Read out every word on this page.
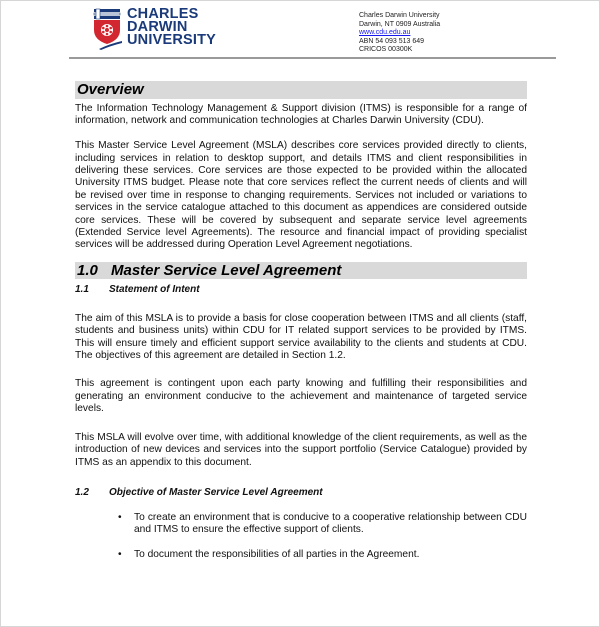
CHARLES
DARWIN
UNIVERSITY
Charles Darwin University
Darwin, NT 0909 Australia
www.cdu.edu.au
ABN 54 093 513 649
CRICOS 00300K
Overview

The Information Technology Management & Support division (ITMS) is responsible for a range of information, network and communication technologies at Charles Darwin University (CDU).

This Master Service Level Agreement (MSLA) describes core services provided directly to clients, including services in relation to desktop support, and details ITMS and client responsibilities in delivering these services. Core services are those expected to be provided within the allocated University ITMS budget. Please note that core services reflect the current needs of clients and will be revised over time in response to changing requirements. Services not included or variations to services in the service catalogue attached to this document as appendices are considered outside core services. These will be covered by subsequent and separate service level agreements (Extended Service level Agreements). The resource and financial impact of providing specialist services will be addressed during Operation Level Agreement negotiations.

1.0 Master Service Level Agreement
1.1 Statement of Intent

The aim of this MSLA is to provide a basis for close cooperation between ITMS and all clients (staff, students and business units) within CDU for IT related support services to be provided by ITMS. This will ensure timely and efficient support service availability to the clients and students at CDU. The objectives of this agreement are detailed in Section 1.2.

This agreement is contingent upon each party knowing and fulfilling their responsibilities and generating an environment conducive to the achievement and maintenance of targeted service levels.

This MSLA will evolve over time, with additional knowledge of the client requirements, as well as the introduction of new devices and services into the support portfolio (Service Catalogue) provided by ITMS as an appendix to this document.

1.2 Objective of Master Service Level Agreement
• To create an environment that is conducive to a cooperative relationship between CDU and ITMS to ensure the effective support of clients.
• To document the responsibilities of all parties in the Agreement.
